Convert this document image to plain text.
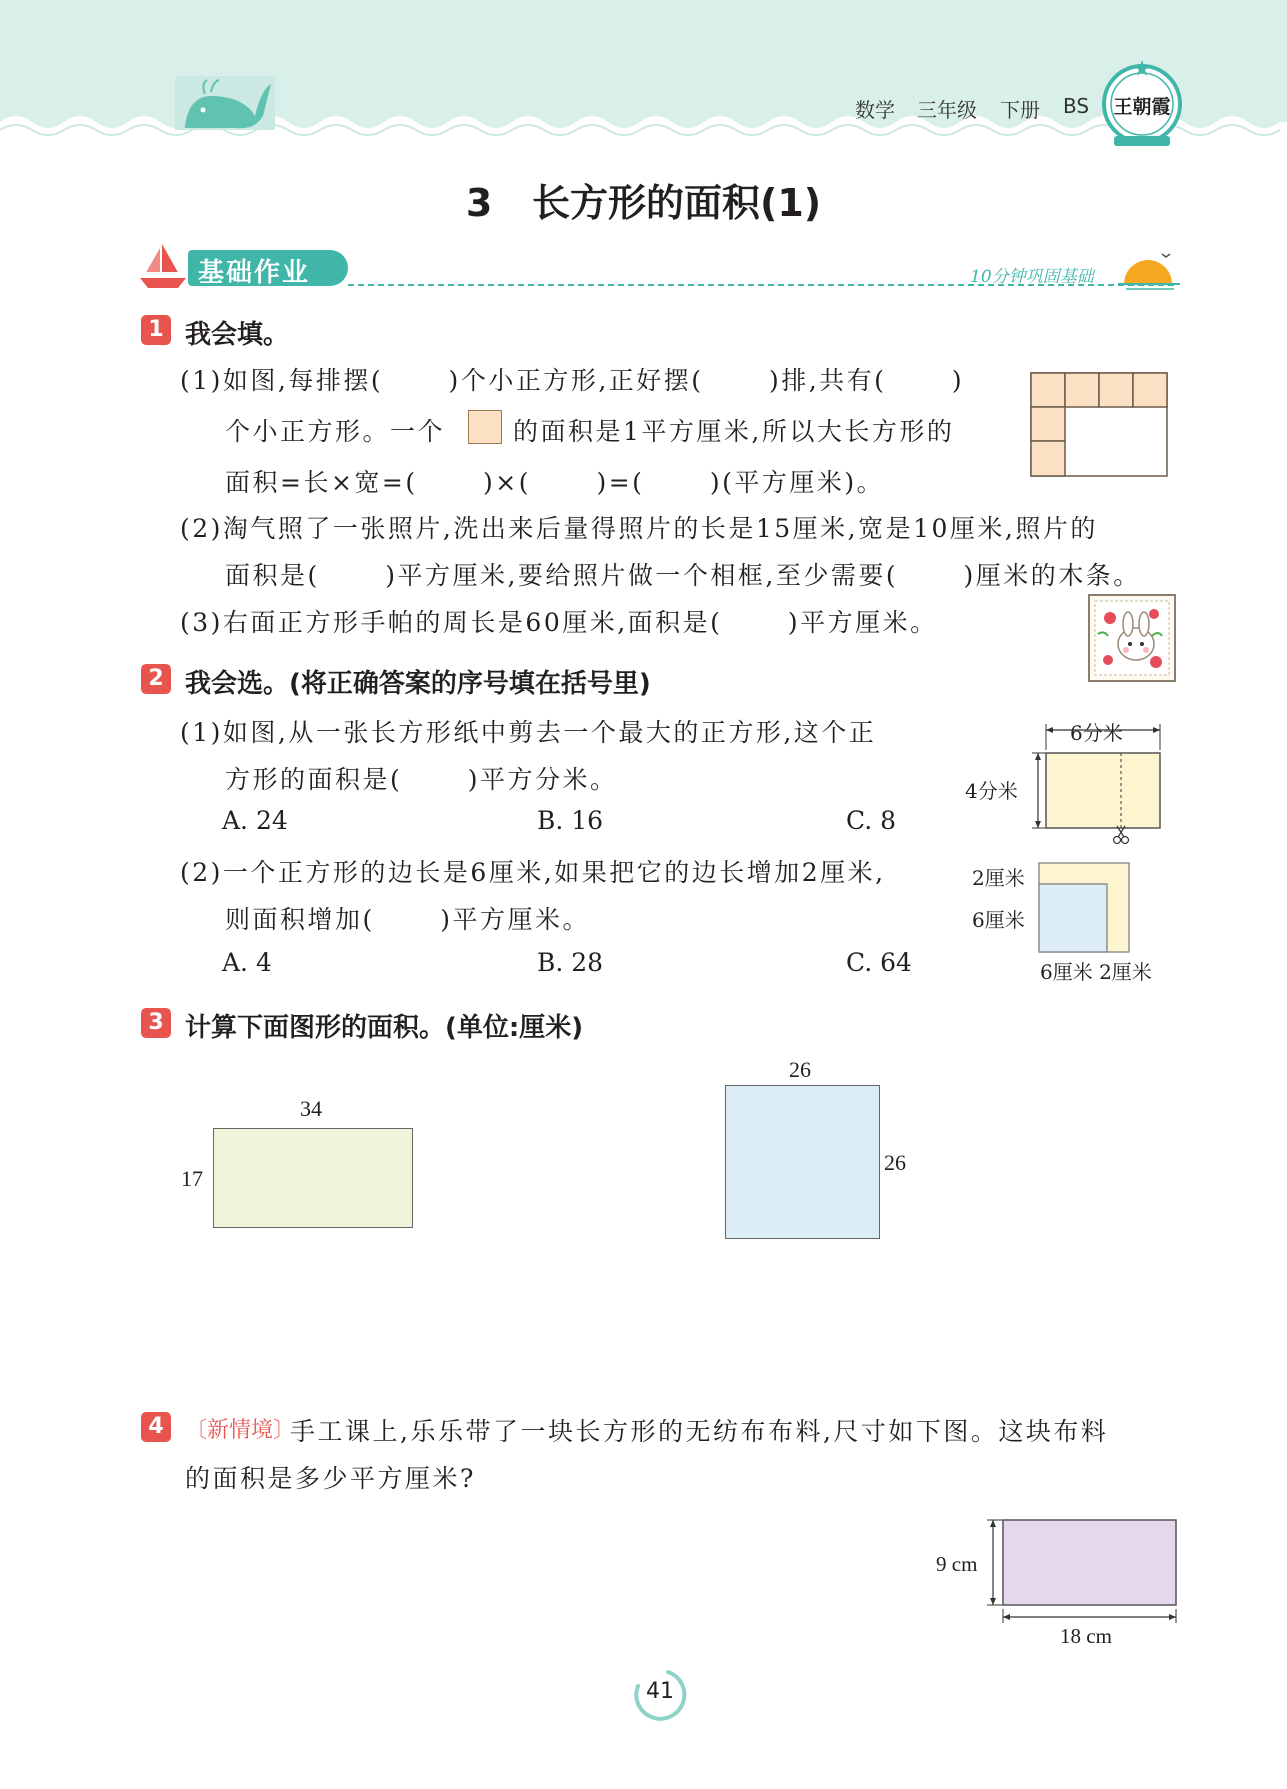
数学 三年级 下册 BS 王朝霞
3   长方形的面积(1)
基础作业	10分钟巩固基础
1 我会填。
(1)如图,每排摆(　　 )个小正方形,正好摆(　　 )排,共有(　　 )
个小正方形。一个	的面积是1平方厘米,所以大长方形的
面积=长×宽=(　　 )×(　　 )=(　　 )(平方厘米)。
(2)淘气照了一张照片,洗出来后量得照片的长是15厘米,宽是10厘米,照片的
面积是(　　 )平方厘米,要给照片做一个相框,至少需要(　　 )厘米的木条。
(3)右面正方形手帕的周长是60厘米,面积是(　　 )平方厘米。
2 我会选。(将正确答案的序号填在括号里)
(1)如图,从一张长方形纸中剪去一个最大的正方形,这个正
方形的面积是(　　 )平方分米。
A. 24	B. 16	C. 8
6分米
4分米
(2)一个正方形的边长是6厘米,如果把它的边长增加2厘米,
则面积增加(　　 )平方厘米。
A. 4	B. 28	C. 64
2厘米
6厘米
6厘米 2厘米
3 计算下面图形的面积。(单位:厘米)
34
17
26
26
4 〔新情境〕
手工课上,乐乐带了一块长方形的无纺布布料,尺寸如下图。这块布料
的面积是多少平方厘米?
9 cm
18 cm
41
